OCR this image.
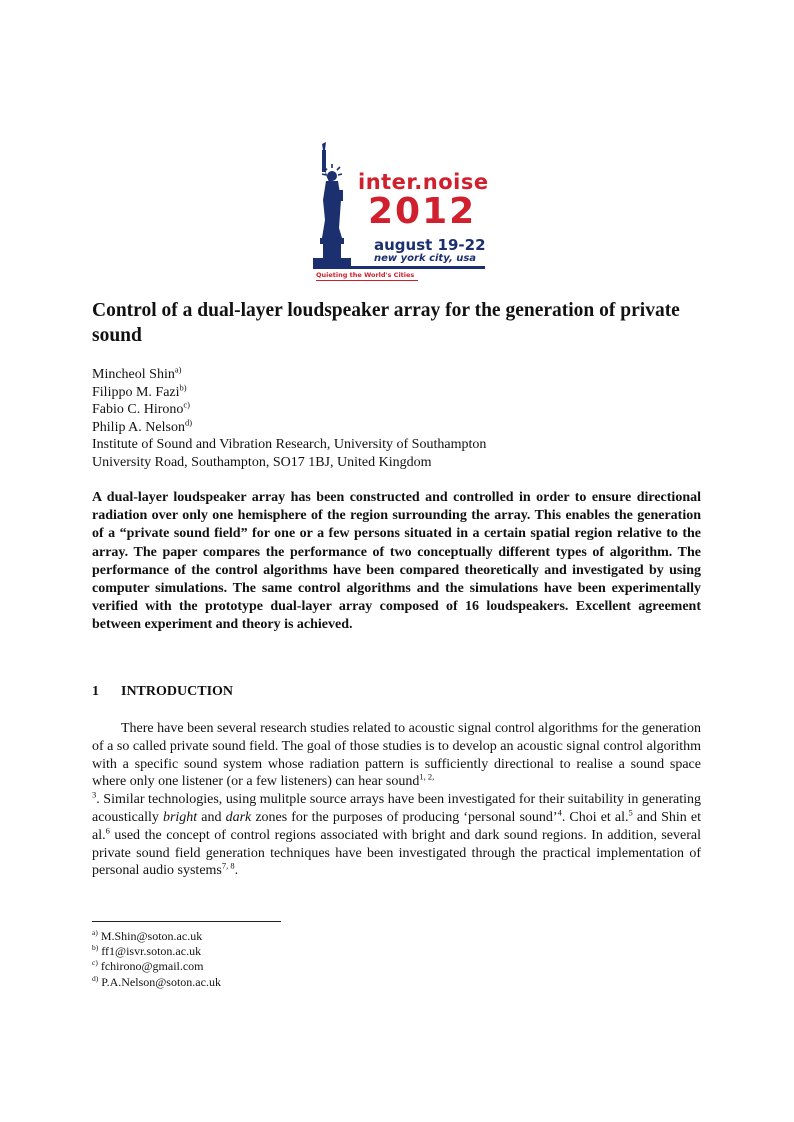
inter.noise
2012
august 19-22
new york city, usa
Quieting the World's Cities
Control of a dual-layer loudspeaker array for the generation of private sound
Mincheol Shin$^{a)}$
Filippo M. Fazi$^{b)}$
Fabio C. Hirono$^{c)}$
Philip A. Nelson$^{d)}$
Institute of Sound and Vibration Research, University of Southampton
University Road, Southampton, SO17 1BJ, United Kingdom

A dual-layer loudspeaker array has been constructed and controlled in order to ensure directional radiation over only one hemisphere of the region surrounding the array. This enables the generation of a “private sound field” for one or a few persons situated in a certain spatial region relative to the array. The paper compares the performance of two conceptually different types of algorithm. The performance of the control algorithms have been compared theoretically and investigated by using computer simulations. The same control algorithms and the simulations have been experimentally verified with the prototype dual-layer array composed of 16 loudspeakers. Excellent agreement between experiment and theory is achieved.

1 INTRODUCTION

There have been several research studies related to acoustic signal control algorithms for the generation of a so called private sound field. The goal of those studies is to develop an acoustic signal control algorithm with a specific sound system whose radiation pattern is sufficiently directional to realise a sound space where only one listener (or a few listeners) can hear sound$^{1, 2,}$
$^3$. Similar technologies, using mulitple source arrays have been investigated for their suitability in generating acoustically bright and dark zones for the purposes of producing ‘personal sound’$^4$. Choi et al.$^5$ and Shin et al.$^6$ used the concept of control regions associated with bright and dark sound regions. In addition, several private sound field generation techniques have been investigated through the practical implementation of personal audio systems$^{7, 8}$.

$^{a)}$ M.Shin@soton.ac.uk
$^{b)}$ ff1@isvr.soton.ac.uk
$^{c)}$ fchirono@gmail.com
$^{d)}$ P.A.Nelson@soton.ac.uk
